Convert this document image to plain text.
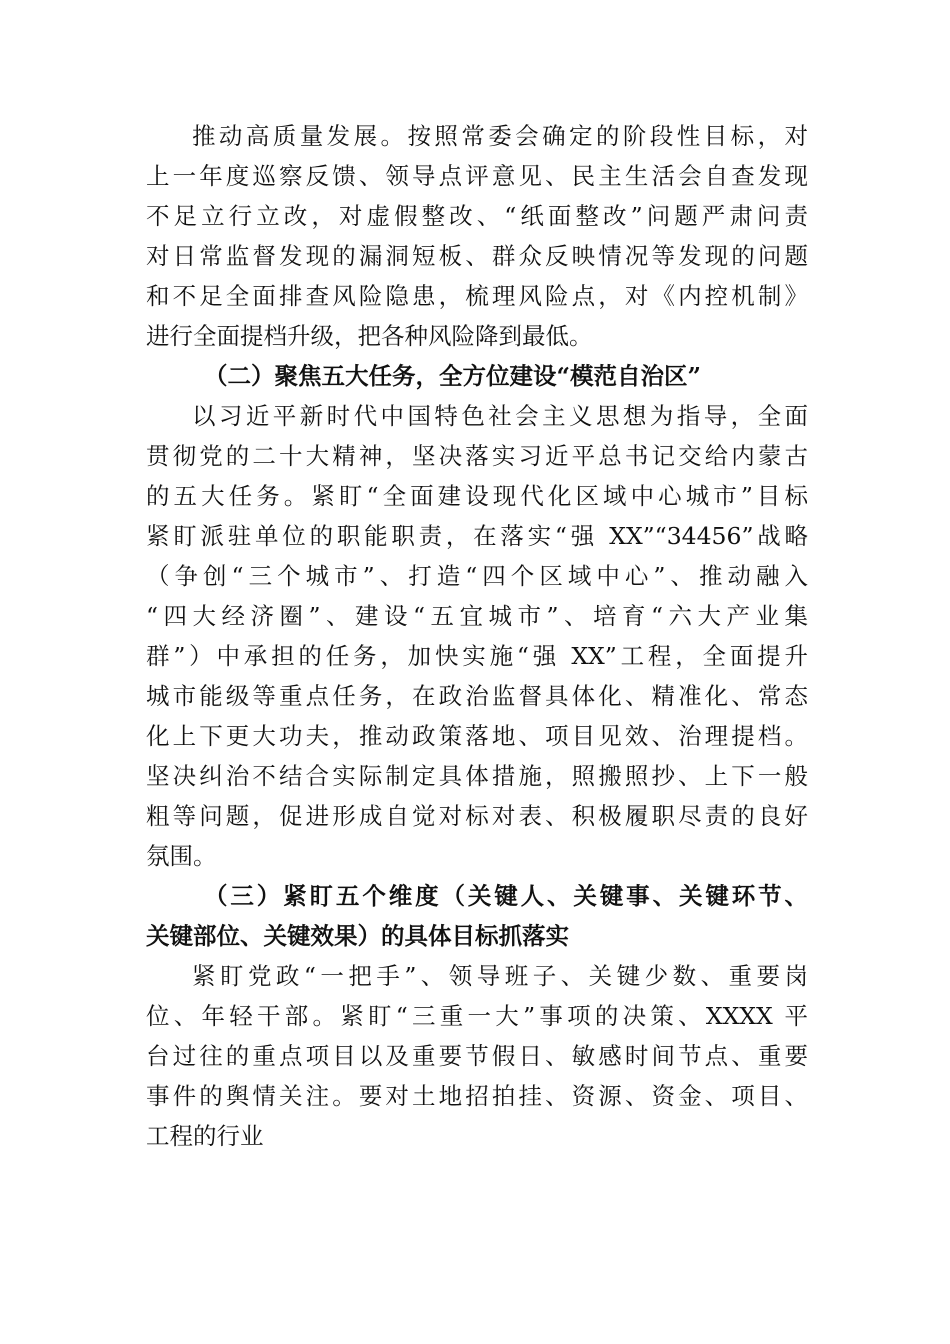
推动高质量发展。按照常委会确定的阶段性目标，对
上一年度巡察反馈、领导点评意见、民主生活会自查发现
不足立行立改，对虚假整改、“纸面整改”问题严肃问责
对日常监督发现的漏洞短板、群众反映情况等发现的问题
和不足全面排查风险隐患，梳理风险点，对《内控机制》
进行全面提档升级，把各种风险降到最低。
（二）聚焦五大任务，全方位建设“模范自治区”
以习近平新时代中国特色社会主义思想为指导，全面
贯彻党的二十大精神，坚决落实习近平总书记交给内蒙古
的五大任务。紧盯“全面建设现代化区域中心城市”目标
紧盯派驻单位的职能职责，在落实“强 XX”“34456”战略
（争创“三个城市”、打造“四个区域中心”、推动融入
“四大经济圈”、建设“五宜城市”、培育“六大产业集
群”）中承担的任务，加快实施“强 XX”工程，全面提升
城市能级等重点任务，在政治监督具体化、精准化、常态
化上下更大功夫，推动政策落地、项目见效、治理提档。
坚决纠治不结合实际制定具体措施，照搬照抄、上下一般
粗等问题，促进形成自觉对标对表、积极履职尽责的良好
氛围。
（三）紧盯五个维度（关键人、关键事、关键环节、
关键部位、关键效果）的具体目标抓落实
紧盯党政“一把手”、领导班子、关键少数、重要岗
位、年轻干部。紧盯“三重一大”事项的决策、XXXX 平
台过往的重点项目以及重要节假日、敏感时间节点、重要
事件的舆情关注。要对土地招拍挂、资源、资金、项目、
工程的行业
